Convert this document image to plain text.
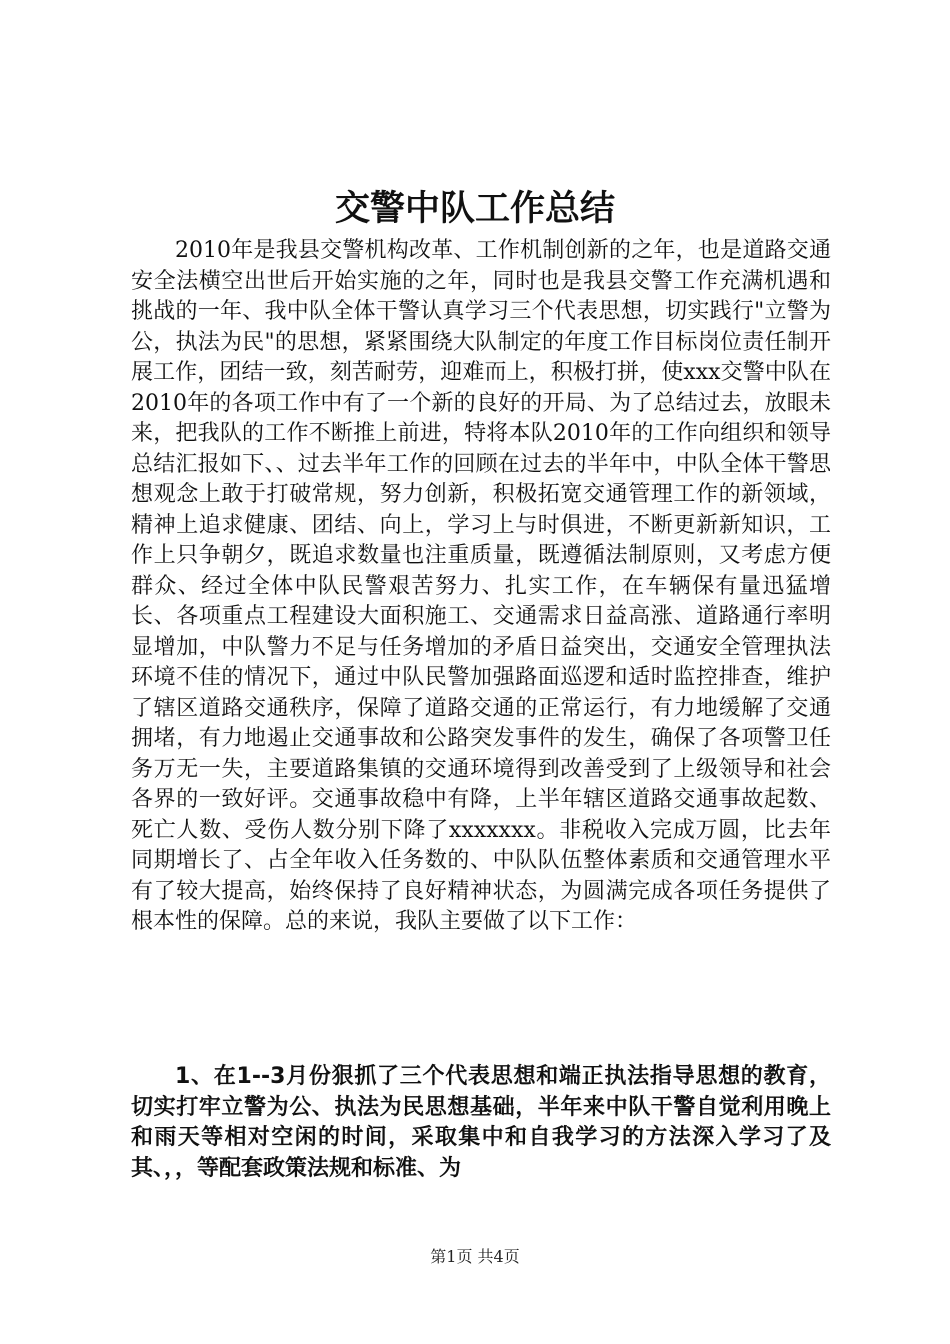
交警中队工作总结

2010年是我县交警机构改革、工作机制创新的之年，也是道路交通安全法横空出世后开始实施的之年，同时也是我县交警工作充满机遇和挑战的一年、我中队全体干警认真学习三个代表思想，切实践行"立警为公，执法为民"的思想，紧紧围绕大队制定的年度工作目标岗位责任制开展工作，团结一致，刻苦耐劳，迎难而上，积极打拼，使xxx交警中队在2010年的各项工作中有了一个新的良好的开局、为了总结过去，放眼未来，把我队的工作不断推上前进，特将本队2010年的工作向组织和领导总结汇报如下、、过去半年工作的回顾在过去的半年中，中队全体干警思想观念上敢于打破常规，努力创新，积极拓宽交通管理工作的新领域，精神上追求健康、团结、向上，学习上与时俱进，不断更新新知识，工作上只争朝夕，既追求数量也注重质量，既遵循法制原则，又考虑方便群众、经过全体中队民警艰苦努力、扎实工作，在车辆保有量迅猛增长、各项重点工程建设大面积施工、交通需求日益高涨、道路通行率明显增加，中队警力不足与任务增加的矛盾日益突出，交通安全管理执法环境不佳的情况下，通过中队民警加强路面巡逻和适时监控排查，维护了辖区道路交通秩序，保障了道路交通的正常运行，有力地缓解了交通拥堵，有力地遏止交通事故和公路突发事件的发生，确保了各项警卫任务万无一失，主要道路集镇的交通环境得到改善受到了上级领导和社会各界的一致好评。交通事故稳中有降，上半年辖区道路交通事故起数、死亡人数、受伤人数分别下降了xxxxxxx。非税收入完成万圆，比去年同期增长了、占全年收入任务数的、中队队伍整体素质和交通管理水平有了较大提高，始终保持了良好精神状态，为圆满完成各项任务提供了根本性的保障。总的来说，我队主要做了以下工作：

1、在1--3月份狠抓了三个代表思想和端正执法指导思想的教育，切实打牢立警为公、执法为民思想基础，半年来中队干警自觉利用晚上和雨天等相对空闲的时间，采取集中和自我学习的方法深入学习了及其、，，等配套政策法规和标准、为

第1页 共4页
